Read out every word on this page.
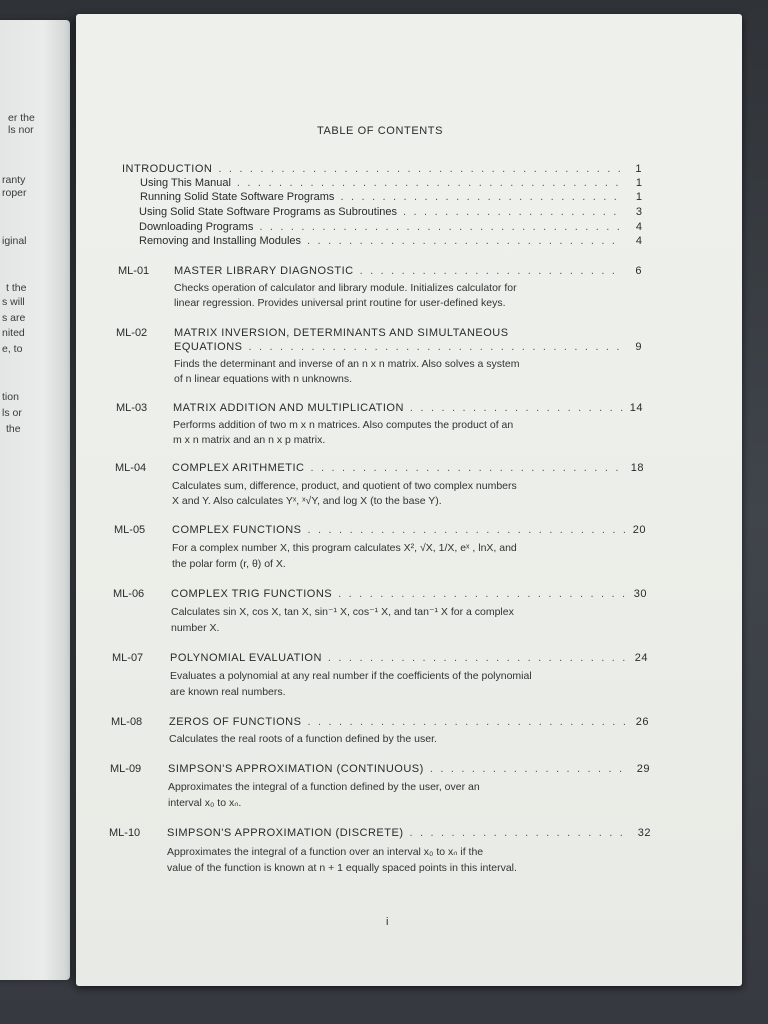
er the
ls nor
ranty
roper
iginal
t the
s will
s are
nited
e, to
tion
ls or
the
TABLE OF CONTENTS
INTRODUCTION . . .	1
Using This Manual . . .	1
Running Solid State Software Programs . . .	1
Using Solid State Software Programs as Subroutines . . .	3
Downloading Programs . . .	4
Removing and Installing Modules . . .	4
ML-01 MASTER LIBRARY DIAGNOSTIC . . .	6
Checks operation of calculator and library module. Initializes calculator for
linear regression. Provides universal print routine for user-defined keys.
ML-02 MATRIX INVERSION, DETERMINANTS AND SIMULTANEOUS
EQUATIONS . . .	9
Finds the determinant and inverse of an n x n matrix. Also solves a system
of n linear equations with n unknowns.
ML-03 MATRIX ADDITION AND MULTIPLICATION . . .	14
Performs addition of two m x n matrices. Also computes the product of an
m x n matrix and an n x p matrix.
ML-04 COMPLEX ARITHMETIC . . .	18
Calculates sum, difference, product, and quotient of two complex numbers
X and Y. Also calculates Yˣ, ˣ√Y, and log X (to the base Y).
ML-05 COMPLEX FUNCTIONS . . .	20
For a complex number X, this program calculates X², √X, 1/X, eˣ , lnX, and
the polar form (r, θ) of X.
ML-06 COMPLEX TRIG FUNCTIONS . . .	30
Calculates sin X, cos X, tan X, sin⁻¹ X, cos⁻¹ X, and tan⁻¹ X for a complex
number X.
ML-07 POLYNOMIAL EVALUATION . . .	24
Evaluates a polynomial at any real number if the coefficients of the polynomial
are known real numbers.
ML-08 ZEROS OF FUNCTIONS . . .	26
Calculates the real roots of a function defined by the user.
ML-09 SIMPSON'S APPROXIMATION (CONTINUOUS) . . .	29
Approximates the integral of a function defined by the user, over an
interval x₀ to xₙ.
ML-10 SIMPSON'S APPROXIMATION (DISCRETE) . . .	32
Approximates the integral of a function over an interval x₀ to xₙ if the
value of the function is known at n + 1 equally spaced points in this interval.
i
